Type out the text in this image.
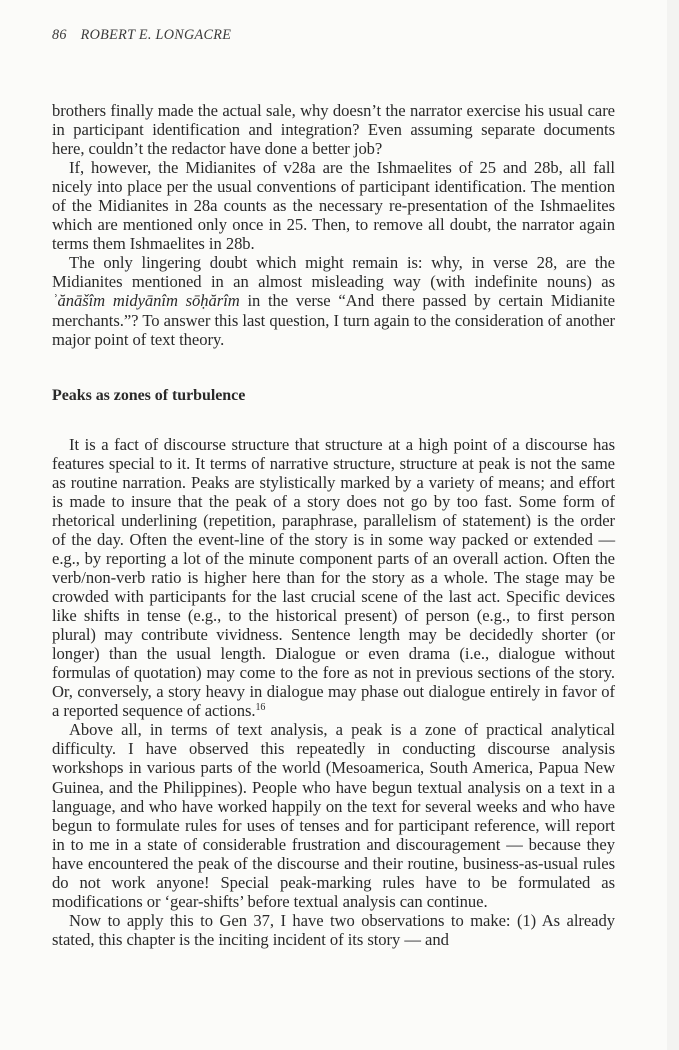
86 ROBERT E. LONGACRE

brothers finally made the actual sale, why doesn’t the narrator exercise his usual care in participant identification and integration? Even assuming separate documents here, couldn’t the redactor have done a better job?

If, however, the Midianites of v28a are the Ishmaelites of 25 and 28b, all fall nicely into place per the usual conventions of participant identification. The mention of the Midianites in 28a counts as the necessary re-presentation of the Ishmaelites which are mentioned only once in 25. Then, to remove all doubt, the narrator again terms them Ishmaelites in 28b.

The only lingering doubt which might remain is: why, in verse 28, are the Midianites mentioned in an almost misleading way (with indefinite nouns) as ʾănāšîm midyānîm sōḥărîm in the verse “And there passed by certain Midianite merchants.”? To answer this last question, I turn again to the consideration of another major point of text theory.

Peaks as zones of turbulence

It is a fact of discourse structure that structure at a high point of a discourse has features special to it. It terms of narrative structure, structure at peak is not the same as routine narration. Peaks are stylistically marked by a variety of means; and effort is made to insure that the peak of a story does not go by too fast. Some form of rhetorical underlining (repetition, paraphrase, parallelism of statement) is the order of the day. Often the event-line of the story is in some way packed or extended — e.g., by reporting a lot of the minute component parts of an overall action. Often the verb/non-verb ratio is higher here than for the story as a whole. The stage may be crowded with participants for the last crucial scene of the last act. Specific devices like shifts in tense (e.g., to the historical present) of person (e.g., to first person plural) may contribute vividness. Sentence length may be decidedly shorter (or longer) than the usual length. Dialogue or even drama (i.e., dialogue without formulas of quotation) may come to the fore as not in previous sections of the story. Or, conversely, a story heavy in dialogue may phase out dialogue entirely in favor of a reported sequence of actions.$^{16}$

Above all, in terms of text analysis, a peak is a zone of practical analytical difficulty. I have observed this repeatedly in conducting discourse analysis workshops in various parts of the world (Mesoamerica, South America, Papua New Guinea, and the Philippines). People who have begun textual analysis on a text in a language, and who have worked happily on the text for several weeks and who have begun to formulate rules for uses of tenses and for participant reference, will report in to me in a state of considerable frustration and discouragement — because they have encountered the peak of the discourse and their routine, business-as-usual rules do not work anyone! Special peak-marking rules have to be formulated as modifications or ‘gear-shifts’ before textual analysis can continue.

Now to apply this to Gen 37, I have two observations to make: (1) As already stated, this chapter is the inciting incident of its story — and
